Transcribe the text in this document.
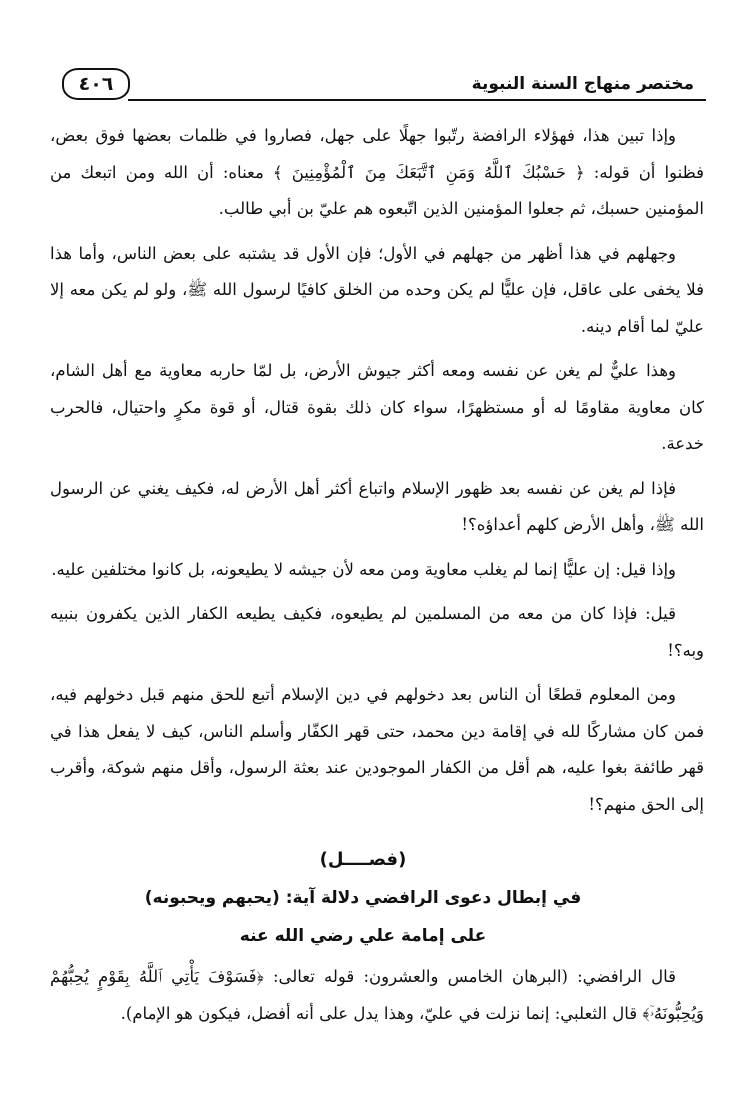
مختصر منهاج السنة النبوية
٤٠٦

وإذا تبين هذا، فهؤلاء الرافضة رتّبوا جهلًا على جهل، فصاروا في ظلمات بعضها فوق بعض، فظنوا أن قوله: ﴿ حَسْبُكَ ٱللَّهُ وَمَنِ ٱتَّبَعَكَ مِنَ ٱلْمُؤْمِنِينَ ﴾ معناه: أن الله ومن اتبعك من المؤمنين حسبك، ثم جعلوا المؤمنين الذين اتّبعوه هم عليّ بن أبي طالب.

وجهلهم في هذا أظهر من جهلهم في الأول؛ فإن الأول قد يشتبه على بعض الناس، وأما هذا فلا يخفى على عاقل، فإن عليًّا لم يكن وحده من الخلق كافيًا لرسول الله ﷺ، ولو لم يكن معه إلا عليّ لما أقام دينه.

وهذا عليٌّ لم يغن عن نفسه ومعه أكثر جيوش الأرض، بل لمّا حاربه معاوية مع أهل الشام، كان معاوية مقاومًا له أو مستظهرًا، سواء كان ذلك بقوة قتال، أو قوة مكرٍ واحتيال، فالحرب خدعة.

فإذا لم يغن عن نفسه بعد ظهور الإسلام واتباع أكثر أهل الأرض له، فكيف يغني عن الرسول الله ﷺ، وأهل الأرض كلهم أعداؤه؟!

وإذا قيل: إن عليًّا إنما لم يغلب معاوية ومن معه لأن جيشه لا يطيعونه، بل كانوا مختلفين عليه.

قيل: فإذا كان من معه من المسلمين لم يطيعوه، فكيف يطيعه الكفار الذين يكفرون بنبيه وبه؟!

ومن المعلوم قطعًا أن الناس بعد دخولهم في دين الإسلام أتبع للحق منهم قبل دخولهم فيه، فمن كان مشاركًا لله في إقامة دين محمد، حتى قهر الكفّار وأسلم الناس، كيف لا يفعل هذا في قهر طائفة بغوا عليه، هم أقل من الكفار الموجودين عند بعثة الرسول، وأقل منهم شوكة، وأقرب إلى الحق منهم؟!

(فصــــل)

في إبطال دعوى الرافضي دلالة آية: (يحبهم ويحبونه)

على إمامة علي رضي الله عنه

قال الرافضي: (البرهان الخامس والعشرون: قوله تعالى: ﴿فَسَوْفَ يَأْتِي ٱللَّهُ بِقَوْمٍ يُحِبُّهُمْ وَيُحِبُّونَهُۥٓ﴾ قال الثعلبي: إنما نزلت في عليّ، وهذا يدل على أنه أفضل، فيكون هو الإمام).
